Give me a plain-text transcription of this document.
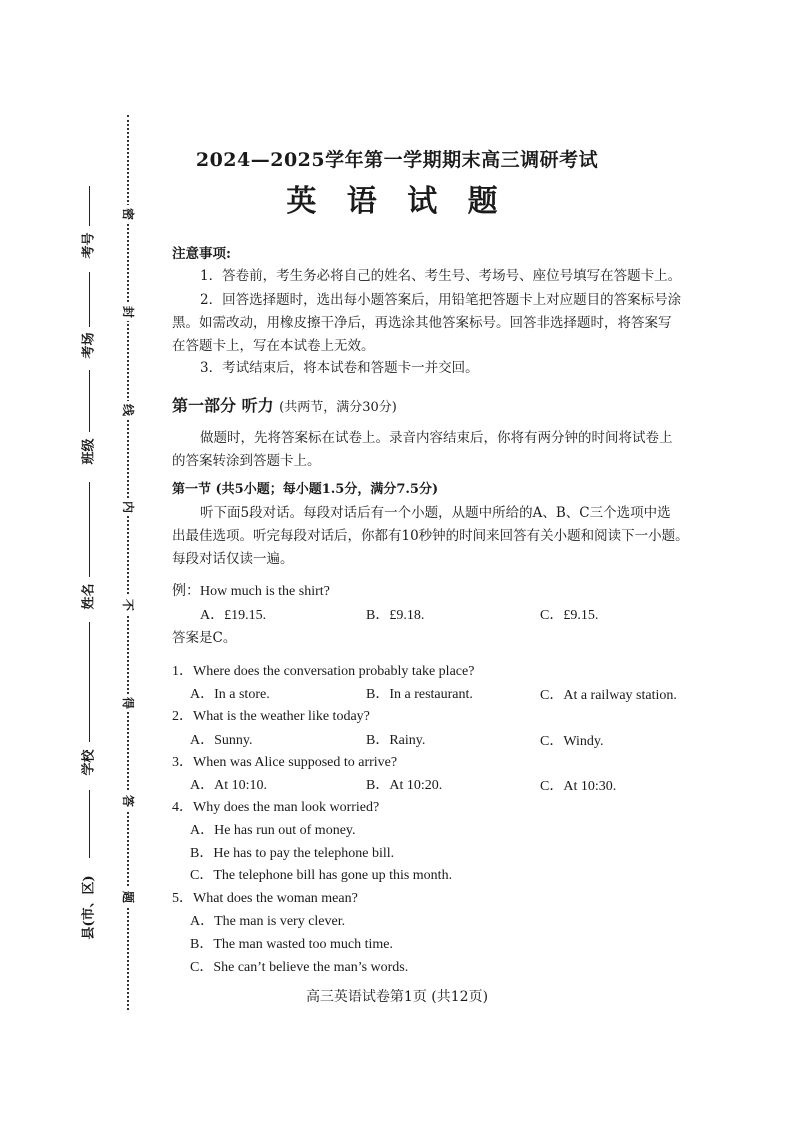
密
封
线
内
不
得
答
题
考号
考场
班级
姓名
学校
县(市、区)
2024—2025学年第一学期期末高三调研考试
英 语 试 题
注意事项:
1．答卷前，考生务必将自己的姓名、考生号、考场号、座位号填写在答题卡上。
2．回答选择题时，选出每小题答案后，用铅笔把答题卡上对应题目的答案标号涂
黑。如需改动，用橡皮擦干净后，再选涂其他答案标号。回答非选择题时，将答案写
在答题卡上，写在本试卷上无效。
3．考试结束后，将本试卷和答题卡一并交回。
第一部分 听力 (共两节，满分30分)
做题时，先将答案标在试卷上。录音内容结束后，你将有两分钟的时间将试卷上
的答案转涂到答题卡上。
第一节 (共5小题；每小题1.5分，满分7.5分)
听下面5段对话。每段对话后有一个小题，从题中所给的A、B、C三个选项中选
出最佳选项。听完每段对话后，你都有10秒钟的时间来回答有关小题和阅读下一小题。
每段对话仅读一遍。
例：How much is the shirt?
A．£19.15.	B．£9.18.	C．£9.15.
答案是C。
1．Where does the conversation probably take place?
A．In a store.	B．In a restaurant.	C．At a railway station.
2．What is the weather like today?
A．Sunny.	B．Rainy.	C．Windy.
3．When was Alice supposed to arrive?
A．At 10:10.	B．At 10:20.	C．At 10:30.
4．Why does the man look worried?
A．He has run out of money.
B．He has to pay the telephone bill.
C．The telephone bill has gone up this month.
5．What does the woman mean?
A．The man is very clever.
B．The man wasted too much time.
C．She can’t believe the man’s words.
高三英语试卷第1页 (共12页)
